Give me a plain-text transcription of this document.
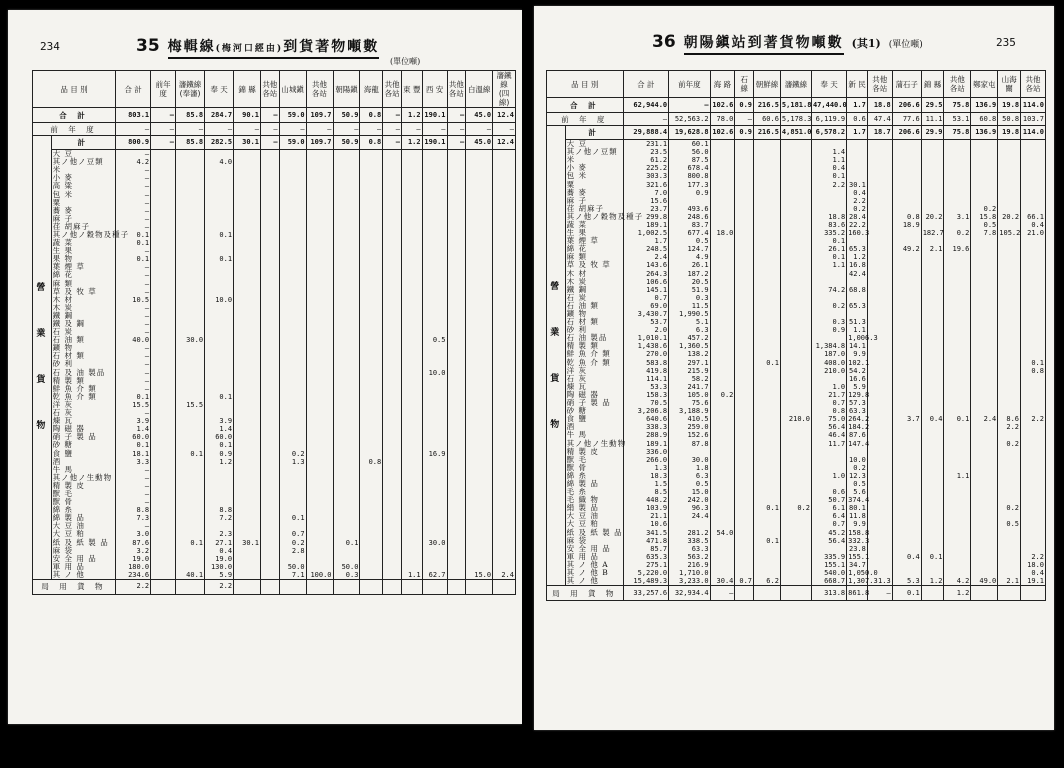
234	35 梅輯線(梅河口經由)到貨著物噸數
(單位噸)
品 目 別		合 計	前年度	瀋鐵線 (奉瀋)	奉 天	錦 縣	共他 各站	山城鎭	共他 各站	朝陽鎭	海龍	共他 各站	東 豐	西 安	共他 各站	白溫線	瀋鐵線 (四線)
合 計		803.1	—	85.8	284.7	90.1	—	59.0	109.7	50.9	0.8	—	1.2	190.1	—	45.0	12.4
前 年 度		—	—	—	—	—	—	—	—	—	—	—	—	—	—	—	—
營 業 貨 物	計	800.9	—	85.8	282.5	30.1	—	59.0	109.7	50.9	0.8	—	1.2	190.1	—	45.0	12.4
	大 豆	—															
	其ノ他ノ豆類	4.2			4.0												
	米	—															
	小 麥	—															
	高 粱	—															
	包 米	—															
	粟	—															
	蕎 麥	—															
	麻 子	—															
	荏 胡麻子	—															
	其ノ他ノ穀物及種子	0.1			0.1												
	蔬 菜	0.1															
	生 果	—															
	果 物	0.1			0.1												
	葉 煙 草	—															
	綿 花	—															
	麻 類	—															
	草 及 牧 草	—															
	木 材	10.5			10.0												
	木 炭	—															
	鐵 鋼	—															
	鐵 及 鋼	—															
	石 炭	—															
	石 油 類	40.0		30.0										0.5			
	鑛 物	—															
	石 材 類	—															
	砂 利	—															
	石 及 油 製品	—												10.0			
	精 製 類	—															
	鮮 魚 介 類	—															
	乾 魚 介 類	0.1			0.1												
	洋 灰	15.5		15.5													
	石 灰	—															
	煉 瓦	3.9			3.9												
	陶 磁 器	1.4			1.4												
	硝 子 製 品	60.0			60.0												
	砂 糖	0.1			0.1												
	食 鹽	18.1		0.1	0.9			0.2						16.9			
	酒	3.3			1.2			1.3			0.8						
	牛 馬	—															
	其ノ他ノ生動物	—															
	精 製 皮	—															
	獸 毛	—															
	獸 骨	—															
	綿 糸	8.8			8.8												
	綿 製 品	7.3			7.2			0.1									
	大 豆 油	—															
	大 豆 粕	3.0			2.3			0.7									
	紙 及 紙 製 品	87.6		0.1	27.1	30.1		0.2		0.1				30.0			
	麻 袋	3.2			0.4			2.8									
	安 全 用 品	19.0			19.0												
	軍 用 品	180.0			130.0			50.0		50.0							
	其 ノ 他	234.6		40.1	5.9			7.1	100.0	0.3			1.1	62.7		15.0	2.4
局 用 貨 物		2.2			2.2												
36 朝陽鎭站到著貨物噸數 (其1) (單位噸)	235
品 目 別		合 計	前年度	海 路	石 線	朝鮮線	瀋鐵線	奉 天	新 民	共他 各站	蒲石子	錦 縣	共他 各站	鄭家屯	山海關	共他 各站
合 計		62,944.0	—	102.6	0.9	216.5	5,181.8	47,440.0	1.7	18.8	206.6	29.5	75.8	136.9	19.8	114.0
前 年 度		—	52,563.2	78.0	—	60.6	5,178.3	6,119.9	0.6	47.4	77.6	11.1	53.1	60.8	50.8	103.7
營 業 貨 物	計	29,888.4	19,628.8	102.6	0.9	216.5	4,851.0	6,578.2	1.7	18.7	206.6	29.9	75.8	136.9	19.8	114.0
	大 豆	231.1	60.1													
	其ノ他ノ豆類	23.5	56.0					1.4								
	米	61.2	87.5					1.1								
	小 麥	225.2	678.4					0.4								
	包 米	303.3	800.8					0.1								
	粟	321.6	177.3					2.2	30.1							
	蕎 麥	7.0	0.9						0.4							
	麻 子	15.6							2.2							
	荏 胡麻子	23.7	493.6						0.2					0.2		
	其ノ他ノ穀物及種子	299.8	248.6					18.8	28.4		0.8	20.2	3.1	15.8	20.2	66.1
	蔬 菜	189.1	83.7					83.6	22.2		18.9			0.5		0.4
	生 果	1,002.5	677.4	18.0				335.2	160.3			182.7	0.2	7.8	105.2	21.0
	葉 煙 草	1.7	0.5					0.1								
	綿 花	248.5	124.7					26.1	65.3		49.2	2.1	19.6			
	麻 類	2.4	4.9					0.1	1.2							
	草 及 牧 草	143.6	26.1					1.1	16.8							
	木 材	264.3	187.2						42.4							
	木 炭	106.6	20.5													
	鐵 鋼	145.1	51.9					74.2	68.8							
	石 炭	0.7	0.3													
	石 油 類	69.0	11.5					0.2	65.3							
	鑛 物	3,430.7	1,990.5													
	石 材 類	53.7	5.1					0.3	51.3							
	砂 利	2.0	6.3					0.9	1.1							
	石 油 製品	1,010.1	457.2						1,006.3							
	精 製 類	1,438.6	1,360.5					1,384.8	14.1							
	鮮 魚 介 類	270.0	138.2					187.0	9.9							
	乾 魚 介 類	583.8	297.1			0.1		408.0	102.1							0.1
	洋 灰	419.8	215.9					210.0	54.2							0.8
	石 灰	114.1	58.2						16.6							
	煉 瓦	53.3	241.7					1.0	5.9							
	陶 磁 器	158.3	105.0	0.2				21.7	129.8							
	硝 子 製 品	70.5	75.6					0.7	57.3							
	砂 糖	3,206.8	3,188.9					0.8	63.3							
	食 鹽	640.6	410.5				210.0	75.0	264.2		3.7	0.4	0.1	2.4	8.6	2.2
	酒	338.3	259.0					56.4	184.2						2.2	
	牛 馬	288.9	152.6					46.4	87.6							
	其ノ他ノ生動物	189.1	87.8					11.7	147.4						0.2	
	精 製 皮	336.0														
	獸 毛	266.0	30.0						10.0							
	獸 骨	1.3	1.8						0.2							
	綿 糸	18.3	6.3					1.0	12.3				1.1			
	綿 製 品	1.5	0.5						0.5							
	毛 糸	8.5	15.0					0.6	5.6							
	毛 織 物	448.2	242.0					50.7	374.4							
	絹 製 品	103.9	96.3			0.1	0.2	6.1	80.1						0.2	
	大 豆 油	21.1	24.4					6.4	11.8							
	大 豆 粕	10.6						0.7	9.9						0.5	
	紙 及 紙 製 品	341.5	281.2	54.0				45.2	158.8							
	麻 袋	471.8	338.5			0.1		56.4	332.3							
	安 全 用 品	85.7	63.3						23.8							
	軍 用 品	635.3	563.2					335.9	155.1		0.4	0.1				2.2
	其 ノ 他 A	275.1	216.9					155.1	34.7							18.0
	其 ノ 他 B	5,220.0	1,710.0					540.0	1,050.0							0.4
	其 ノ 他	15,489.3	3,233.0	30.4	0.7	6.2		668.7	1,307.3	1.3	5.3	1.2	4.2	49.0	2.1	19.1
局 用 貨 物		33,257.6	32,934.4	—				313.8	861.8	—	0.1		1.2			
